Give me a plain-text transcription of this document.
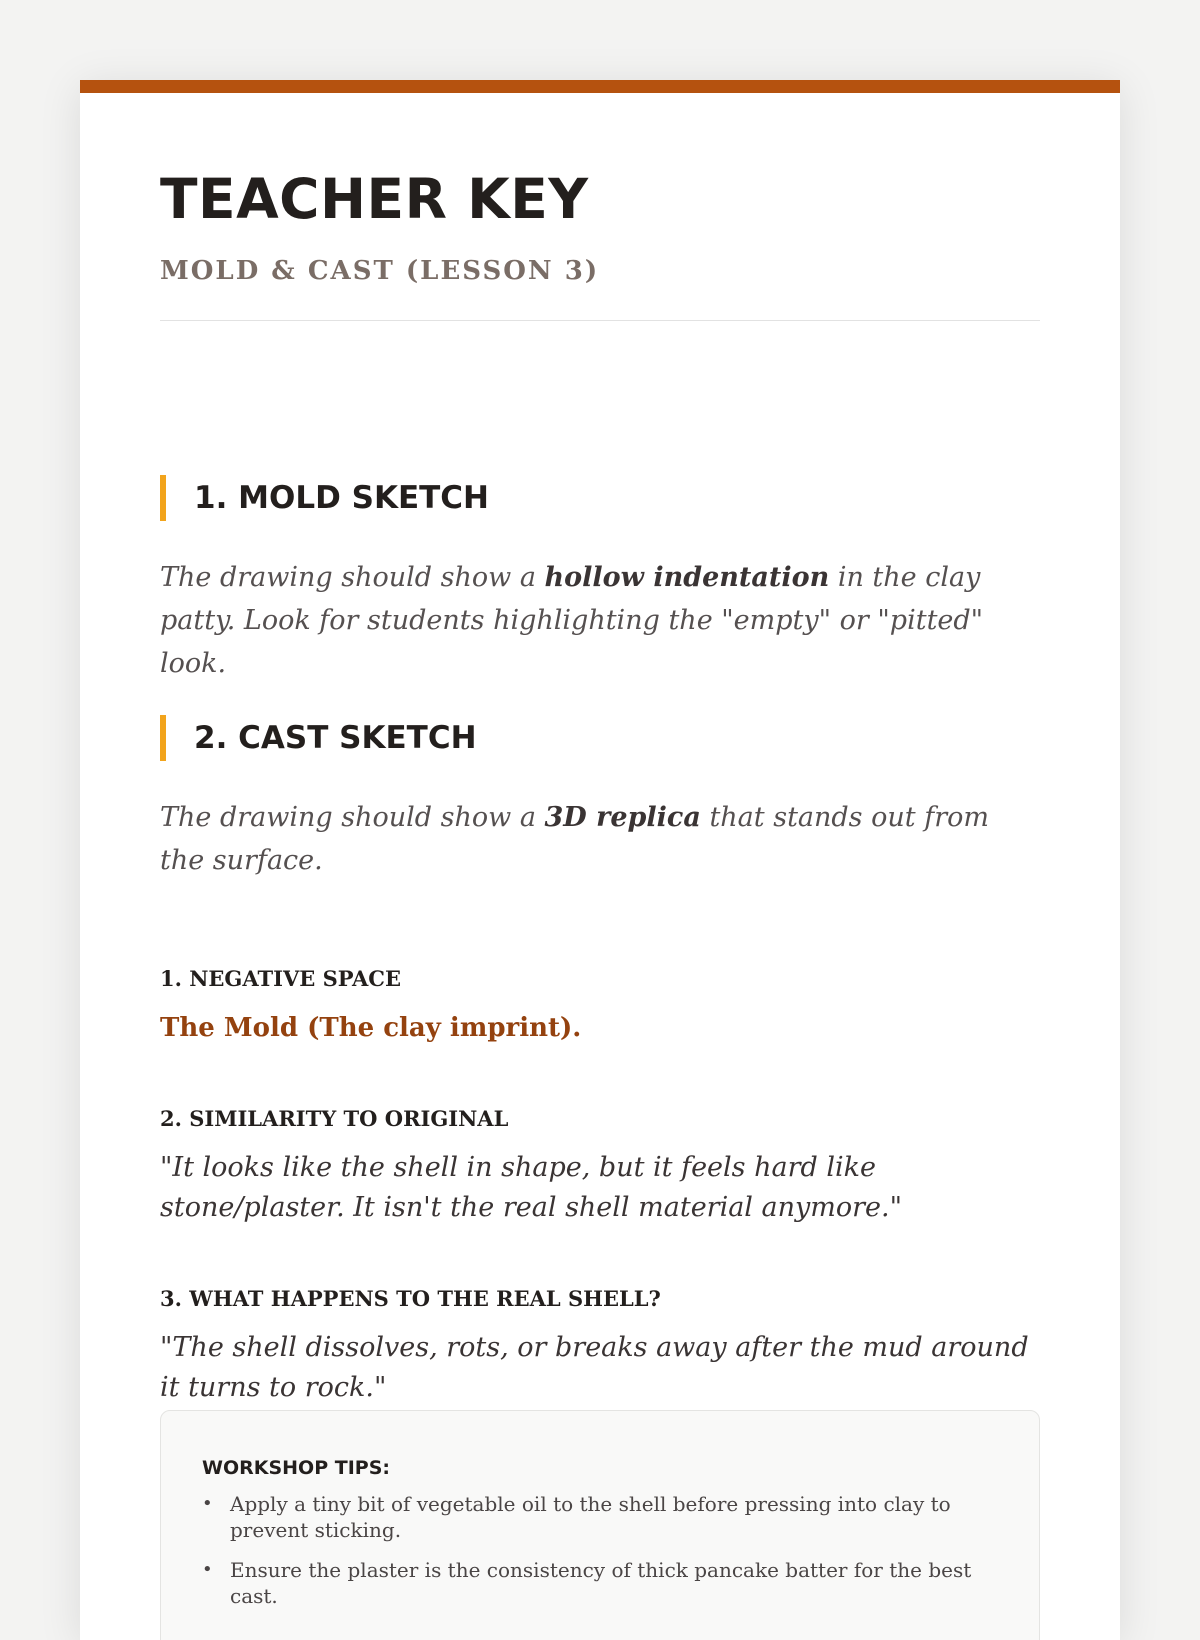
TEACHER KEY
MOLD & CAST (LESSON 3)
1. MOLD SKETCH
The drawing should show a hollow indentation in the clay patty. Look for students highlighting the "empty" or "pitted" look.
2. CAST SKETCH
The drawing should show a 3D replica that stands out from the surface.
1. NEGATIVE SPACE
The Mold (The clay imprint).
2. SIMILARITY TO ORIGINAL
"It looks like the shell in shape, but it feels hard like stone/plaster. It isn't the real shell material anymore."
3. WHAT HAPPENS TO THE REAL SHELL?
"The shell dissolves, rots, or breaks away after the mud around it turns to rock."
WORKSHOP TIPS:
• Apply a tiny bit of vegetable oil to the shell before pressing into clay to prevent sticking.
• Ensure the plaster is the consistency of thick pancake batter for the best cast.
